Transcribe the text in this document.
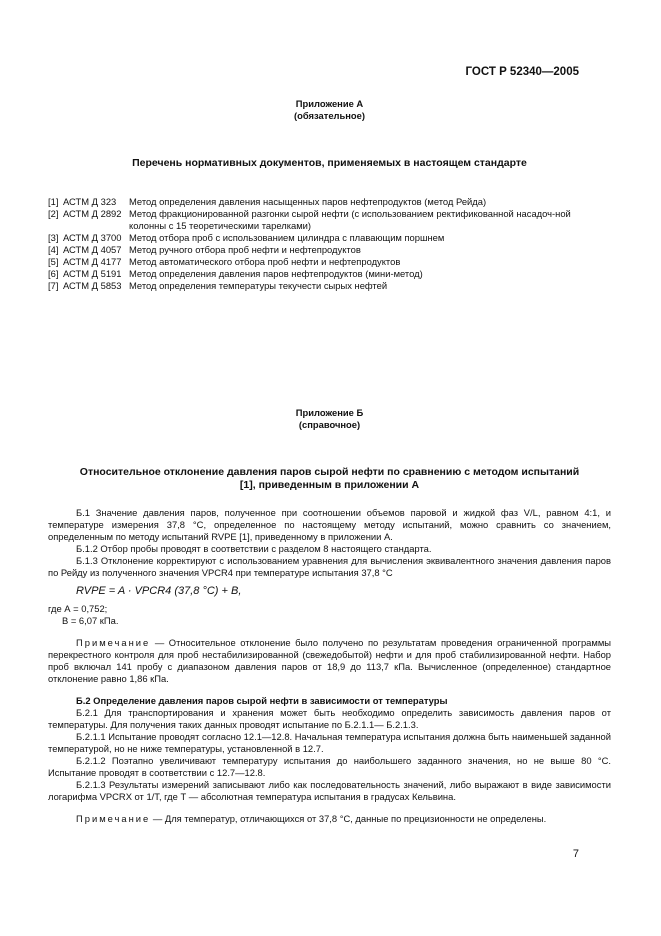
ГОСТ Р 52340—2005
Приложение А
(обязательное)
Перечень нормативных документов, применяемых в настоящем стандарте
[1] АСТМ Д 323	Метод определения давления насыщенных паров нефтепродуктов (метод Рейда)
[2] АСТМ Д 2892 Метод фракционированной разгонки сырой нефти (с использованием ректификованной насадоч-ной колонны с 15 теоретическими тарелками)
[3] АСТМ Д 3700 Метод отбора проб с использованием цилиндра с плавающим поршнем
[4] АСТМ Д 4057 Метод ручного отбора проб нефти и нефтепродуктов
[5] АСТМ Д 4177 Метод автоматического отбора проб нефти и нефтепродуктов
[6] АСТМ Д 5191 Метод определения давления паров нефтепродуктов (мини-метод)
[7] АСТМ Д 5853 Метод определения температуры текучести сырых нефтей
Приложение Б
(справочное)
Относительное отклонение давления паров сырой нефти по сравнению с методом испытаний
[1], приведенным в приложении А

Б.1 Значение давления паров, полученное при соотношении объемов паровой и жидкой фаз V/L, равном 4:1, и температуре измерения 37,8 °С, определенное по настоящему методу испытаний, можно сравнить со значением, определенным по методу испытаний RVPE [1], приведенному в приложении А.

Б.1.2 Отбор пробы проводят в соответствии с разделом 8 настоящего стандарта.

Б.1.3 Отклонение корректируют с использованием уравнения для вычисления эквивалентного значения давления паров по Рейду из полученного значения VPCR4 при температуре испытания 37,8 °С

RVPE = A · VPCR4 (37,8 °C) + B,

где А = 0,752;

В = 6,07 кПа.

Примечание — Относительное отклонение было получено по результатам проведения ограниченной программы перекрестного контроля для проб нестабилизированной (свежедобытой) нефти и для проб стабилизированной нефти. Набор проб включал 141 пробу с диапазоном давления паров от 18,9 до 113,7 кПа. Вычисленное (определенное) стандартное отклонение равно 1,86 кПа.

Б.2 Определение давления паров сырой нефти в зависимости от температуры

Б.2.1 Для транспортирования и хранения может быть необходимо определить зависимость давления паров от температуры. Для получения таких данных проводят испытание по Б.2.1.1— Б.2.1.3.

Б.2.1.1 Испытание проводят согласно 12.1—12.8. Начальная температура испытания должна быть наименьшей заданной температурой, но не ниже температуры, установленной в 12.7.

Б.2.1.2 Поэтапно увеличивают температуру испытания до наибольшего заданного значения, но не выше 80 °С. Испытание проводят в соответствии с 12.7—12.8.

Б.2.1.3 Результаты измерений записывают либо как последовательность значений, либо выражают в виде зависимости логарифма VPCRX от 1/T, где Т — абсолютная температура испытания в градусах Кельвина.

Примечание — Для температур, отличающихся от 37,8 °С, данные по прецизионности не определены.

7
